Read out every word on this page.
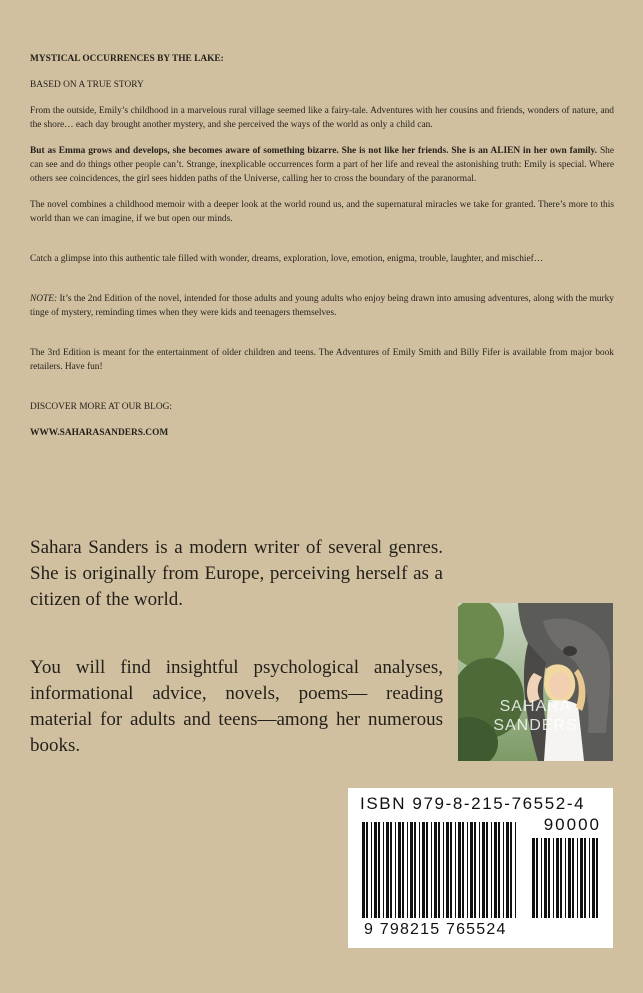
MYSTICAL OCCURRENCES BY THE LAKE:

BASED ON A TRUE STORY

From the outside, Emily’s childhood in a marvelous rural village seemed like a fairy-tale. Adventures with her cousins and friends, wonders of nature, and the shore… each day brought another mystery, and she perceived the ways of the world as only a child can.

But as Emma grows and develops, she becomes aware of something bizarre. She is not like her friends. She is an ALIEN in her own family. She can see and do things other people can’t. Strange, inexplicable occurrences form a part of her life and reveal the astonishing truth: Emily is special. Where others see coincidences, the girl sees hidden paths of the Universe, calling her to cross the boundary of the paranormal.

The novel combines a childhood memoir with a deeper look at the world round us, and the supernatural miracles we take for granted. There’s more to this world than we can imagine, if we but open our minds.

Catch a glimpse into this authentic tale filled with wonder, dreams, exploration, love, emotion, enigma, trouble, laughter, and mischief…

NOTE: It’s the 2nd Edition of the novel, intended for those adults and young adults who enjoy being drawn into amusing adventures, along with the murky tinge of mystery, reminding times when they were kids and teenagers themselves.

The 3rd Edition is meant for the entertainment of older children and teens. The Adventures of Emily Smith and Billy Fifer is available from major book retailers. Have fun!

DISCOVER MORE AT OUR BLOG:

WWW.SAHARASANDERS.COM

Sahara Sanders is a modern writer of several genres. She is originally from Europe, perceiving herself as a citizen of the world.

You will find insightful psychological analyses, informational advice, novels, poems— reading material for adults and teens—among her numerous books.

SAHARA
SANDERS
ISBN 979-8-215-76552-4
90000
9 798215 765524
